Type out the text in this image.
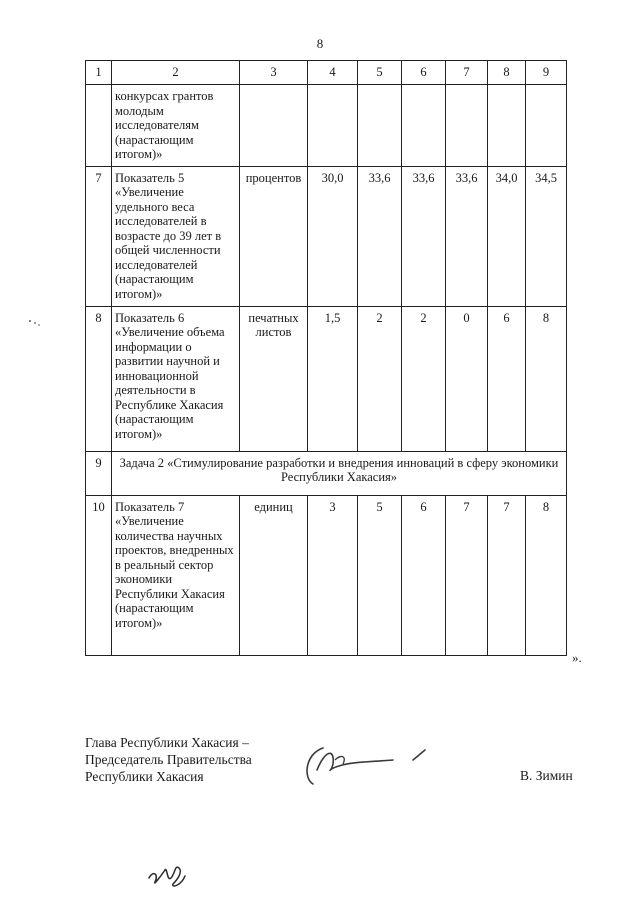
8
1	2	3	4	5	6	7	8	9
	конкурсах грантов молодым исследователям (нарастающим итогом)»							
7	Показатель 5 «Увеличение удельного веса исследователей в возрасте до 39 лет в общей численности исследователей (нарастающим итогом)»	процентов	30,0	33,6	33,6	33,6	34,0	34,5
8	Показатель 6 «Увеличение объема информации о развитии научной и инновационной деятельности в Республике Хакасия (нарастающим итогом)»	печатных листов	1,5	2	2	0	6	8
9	Задача 2 «Стимулирование разработки и внедрения инноваций в сферу экономики Республики Хакасия»							
10	Показатель 7 «Увеличение количества научных проектов, внедренных в реальный сектор экономики Республики Хакасия (нарастающим итогом)»	единиц	3	5	6	7	7	8
».
Глава Республики Хакасия –
Председатель Правительства
Республики Хакасия	В. Зимин
